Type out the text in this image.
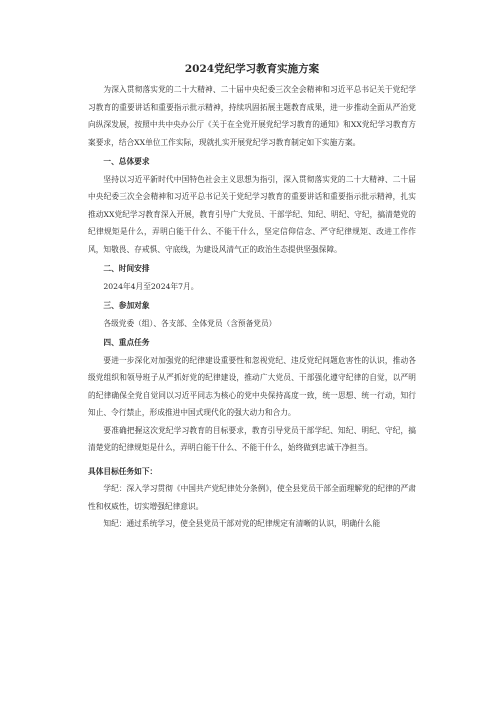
2024党纪学习教育实施方案

为深入贯彻落实党的二十大精神、二十届中央纪委三次全会精神和习近平总书记关于党纪学习教育的重要讲话和重要指示批示精神，持续巩固拓展主题教育成果，进一步推动全面从严治党向纵深发展，按照中共中央办公厅《关于在全党开展党纪学习教育的通知》和XX党纪学习教育方案要求，结合XX单位工作实际，现就扎实开展党纪学习教育制定如下实施方案。

一、总体要求

坚持以习近平新时代中国特色社会主义思想为指引，深入贯彻落实党的二十大精神、二十届中央纪委三次全会精神和习近平总书记关于党纪学习教育的重要讲话和重要指示批示精神，扎实推动XX党纪学习教育深入开展，教育引导广大党员、干部学纪、知纪、明纪、守纪，搞清楚党的纪律规矩是什么，弄明白能干什么、不能干什么，坚定信仰信念、严守纪律规矩、改进工作作风，知敬畏、存戒惧、守底线，为建设风清气正的政治生态提供坚强保障。

二、时间安排

2024年4月至2024年7月。

三、参加对象

各级党委（组）、各支部、全体党员（含预备党员）

四、重点任务

要进一步深化对加强党的纪律建设重要性和忽视党纪、违反党纪问题危害性的认识，推动各级党组织和领导班子从严抓好党的纪律建设，推动广大党员、干部强化遵守纪律的自觉，以严明的纪律确保全党自觉同以习近平同志为核心的党中央保持高度一致，统一思想、统一行动，知行知止、令行禁止，形成推进中国式现代化的强大动力和合力。

要准确把握这次党纪学习教育的目标要求，教育引导党员干部学纪、知纪、明纪、守纪，搞清楚党的纪律规矩是什么，弄明白能干什么、不能干什么，始终做到忠诚干净担当。

具体目标任务如下：

学纪：深入学习贯彻《中国共产党纪律处分条例》，使全县党员干部全面理解党的纪律的严肃性和权威性，切实增强纪律意识。

知纪：通过系统学习，使全县党员干部对党的纪律规定有清晰的认识，明确什么能
